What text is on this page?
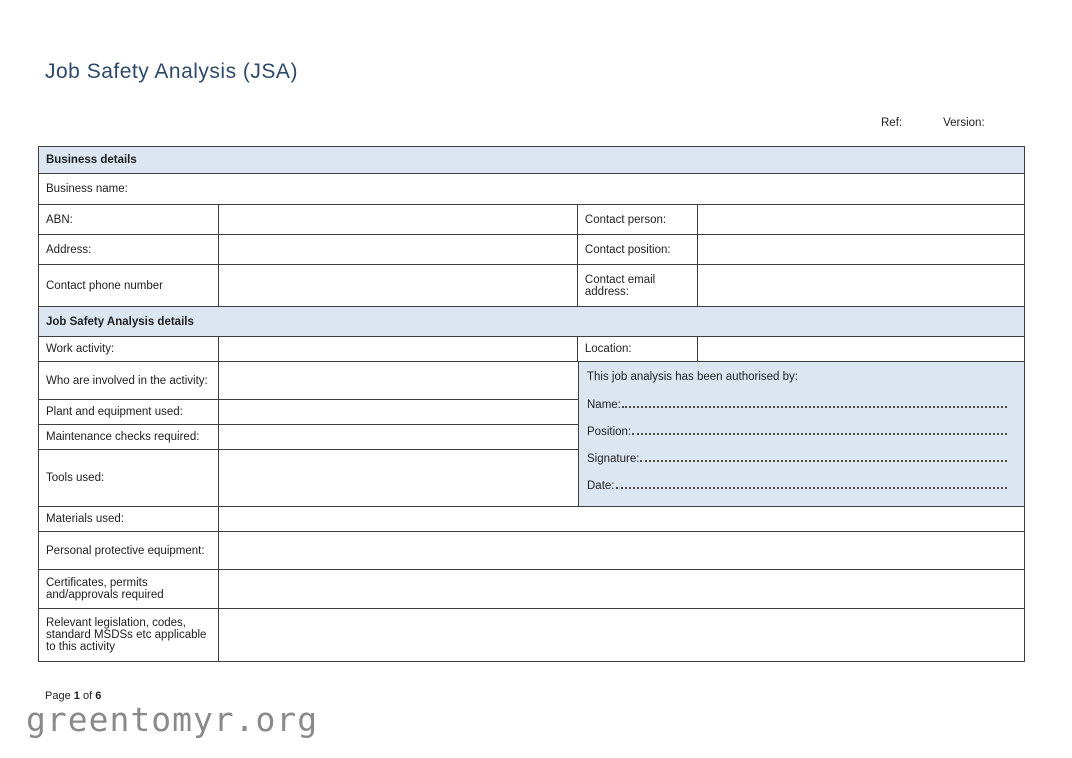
Job Safety Analysis (JSA)
Ref:	Version:
Business details
Business name:
ABN:	Contact person:
Address:	Contact position:
Contact phone number	Contact email address:
Job Safety Analysis details
Work activity:	Location:
Who are involved in the activity:
Plant and equipment used:
Maintenance checks required:
Tools used:
This job analysis has been authorised by:
Name:
Position:
Signature:
Date:
Materials used:
Personal protective equipment:
Certificates, permits and/approvals required
Relevant legislation, codes, standard MSDSs etc applicable to this activity
Page 1 of 6
greentomyr.org
